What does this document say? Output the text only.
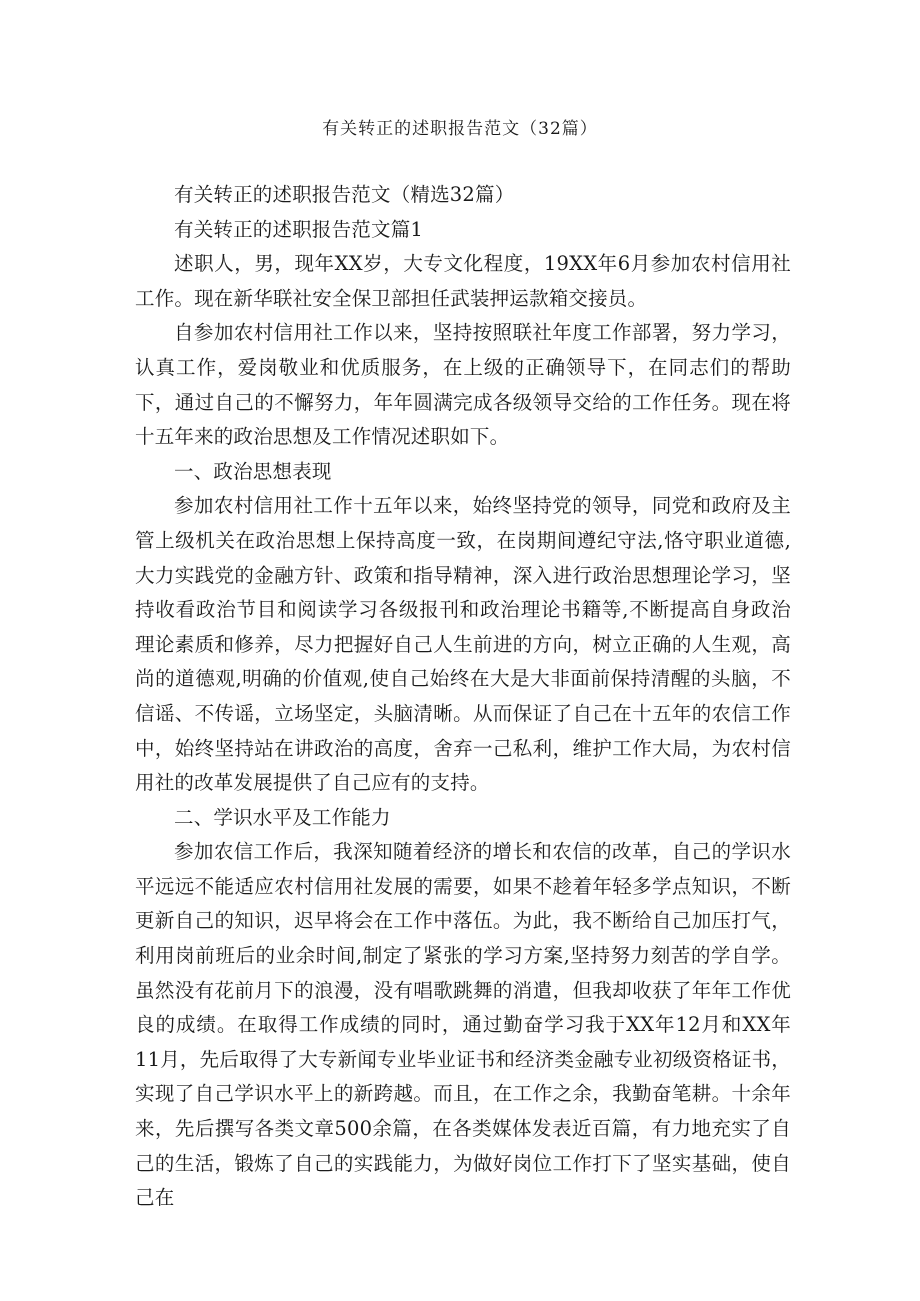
有关转正的述职报告范文（32篇）

有关转正的述职报告范文（精选32篇）

有关转正的述职报告范文篇1

述职人，男，现年XX岁，大专文化程度，19XX年6月参加农村信用社工作。现在新华联社安全保卫部担任武装押运款箱交接员。

自参加农村信用社工作以来，坚持按照联社年度工作部署，努力学习，认真工作，爱岗敬业和优质服务，在上级的正确领导下，在同志们的帮助下，通过自己的不懈努力，年年圆满完成各级领导交给的工作任务。现在将十五年来的政治思想及工作情况述职如下。

一、政治思想表现

参加农村信用社工作十五年以来，始终坚持党的领导，同党和政府及主管上级机关在政治思想上保持高度一致，在岗期间遵纪守法,恪守职业道德,大力实践党的金融方针、政策和指导精神，深入进行政治思想理论学习，坚持收看政治节目和阅读学习各级报刊和政治理论书籍等,不断提高自身政治理论素质和修养，尽力把握好自己人生前进的方向，树立正确的人生观，高尚的道德观,明确的价值观,使自己始终在大是大非面前保持清醒的头脑，不信谣、不传谣，立场坚定，头脑清晰。从而保证了自己在十五年的农信工作中，始终坚持站在讲政治的高度，舍弃一己私利，维护工作大局，为农村信用社的改革发展提供了自己应有的支持。

二、学识水平及工作能力

参加农信工作后，我深知随着经济的增长和农信的改革，自己的学识水平远远不能适应农村信用社发展的需要，如果不趁着年轻多学点知识，不断更新自己的知识，迟早将会在工作中落伍。为此，我不断给自己加压打气，利用岗前班后的业余时间,制定了紧张的学习方案,坚持努力刻苦的学自学。虽然没有花前月下的浪漫，没有唱歌跳舞的消遣，但我却收获了年年工作优良的成绩。在取得工作成绩的同时，通过勤奋学习我于XX年12月和XX年11月，先后取得了大专新闻专业毕业证书和经济类金融专业初级资格证书，实现了自己学识水平上的新跨越。而且，在工作之余，我勤奋笔耕。十余年来，先后撰写各类文章500余篇，在各类媒体发表近百篇，有力地充实了自己的生活，锻炼了自己的实践能力，为做好岗位工作打下了坚实基础，使自己在
